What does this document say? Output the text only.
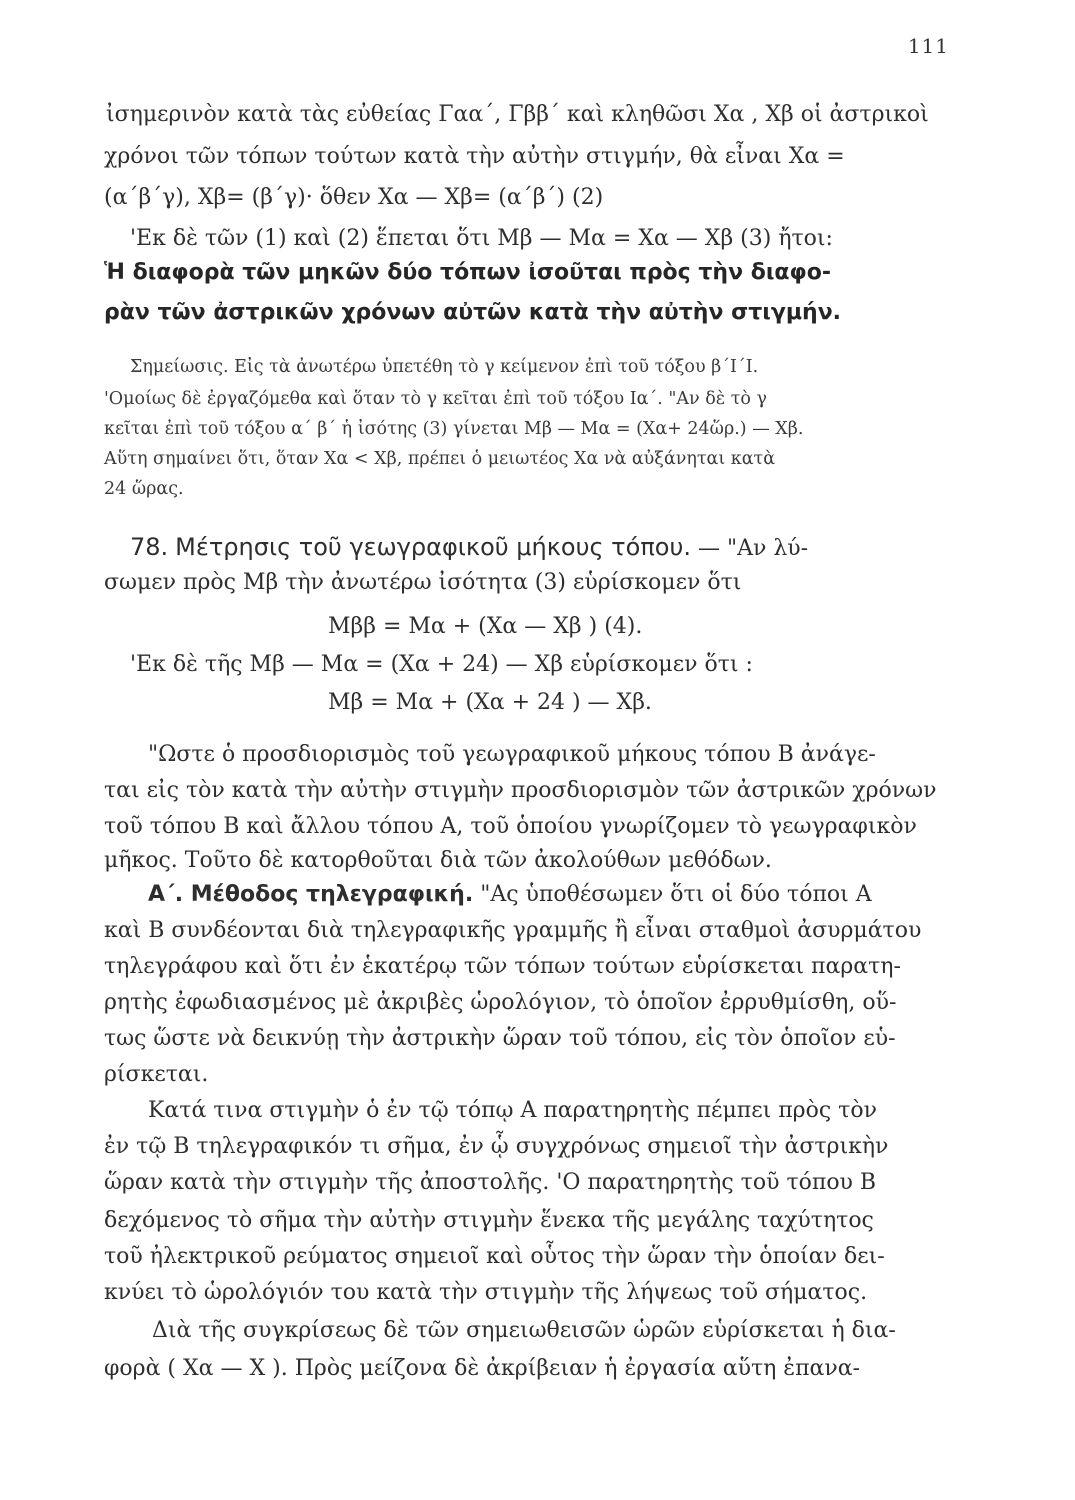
111
ἰσημερινὸν κατὰ τὰς εὐθείας Γαα΄, Γββ΄ καὶ κληθῶσι Xα , Xβ οἱ ἀστρικοὶ
χρόνοι τῶν τόπων τούτων κατὰ τὴν αὐτὴν στιγμήν, θὰ εἶναι Xα =
(α΄β΄γ), Xβ= (β΄γ)· ὅθεν Xα — Xβ= (α΄β΄) (2)
'Εκ δὲ τῶν (1) καὶ (2) ἕπεται ὅτι Mβ — Mα = Xα — Xβ (3) ἤτοι:
Ἡ διαφορὰ τῶν μηκῶν δύο τόπων ἰσοῦται πρὸς τὴν διαφο-
ρὰν τῶν ἀστρικῶν χρόνων αὐτῶν κατὰ τὴν αὐτὴν στιγμήν.
Σημείωσις. Εἰς τὰ ἀνωτέρω ὑπετέθη τὸ γ κείμενον ἐπὶ τοῦ τόξου β΄Ι΄Ι.
'Ομοίως δὲ ἐργαζόμεθα καὶ ὅταν τὸ γ κεῖται ἐπὶ τοῦ τόξου Ια΄. "Αν δὲ τὸ γ
κεῖται ἐπὶ τοῦ τόξου α΄ β΄ ἡ ἰσότης (3) γίνεται Mβ — Mα = (Xα+ 24ὥρ.) — Xβ.
Αὕτη σημαίνει ὅτι, ὅταν Xα < Xβ, πρέπει ὁ μειωτέος Xα νὰ αὐξάνηται κατὰ
24 ὥρας.
78. Μέτρησις τοῦ γεωγραφικοῦ μήκους τόπου. — "Αν λύ-
σωμεν πρὸς Mβ τὴν ἀνωτέρω ἰσότητα (3) εὑρίσκομεν ὅτι
Mββ = Mα + (Xα — Xβ ) (4).
'Εκ δὲ τῆς Mβ — Mα = (Xα + 24) — Xβ εὑρίσκομεν ὅτι :
Mβ = Mα + (Xα + 24 ) — Xβ.
"Ωστε ὁ προσδιορισμὸς τοῦ γεωγραφικοῦ μήκους τόπου B ἀνάγε-
ται εἰς τὸν κατὰ τὴν αὐτὴν στιγμὴν προσδιορισμὸν τῶν ἀστρικῶν χρόνων
τοῦ τόπου B καὶ ἄλλου τόπου A, τοῦ ὁποίου γνωρίζομεν τὸ γεωγραφικὸν
μῆκος. Τοῦτο δὲ κατορθοῦται διὰ τῶν ἀκολούθων μεθόδων.
Α΄. Μέθοδος τηλεγραφική. "Ας ὑποθέσωμεν ὅτι οἱ δύο τόποι A
καὶ B συνδέονται διὰ τηλεγραφικῆς γραμμῆς ἢ εἶναι σταθμοὶ ἀσυρμάτου
τηλεγράφου καὶ ὅτι ἐν ἑκατέρῳ τῶν τόπων τούτων εὑρίσκεται παρατη-
ρητὴς ἐφωδιασμένος μὲ ἀκριβὲς ὡρολόγιον, τὸ ὁποῖον ἐρρυθμίσθη, οὕ-
τως ὥστε νὰ δεικνύῃ τὴν ἀστρικὴν ὥραν τοῦ τόπου, εἰς τὸν ὁποῖον εὑ-
ρίσκεται.
Κατά τινα στιγμὴν ὁ ἐν τῷ τόπῳ A παρατηρητὴς πέμπει πρὸς τὸν
ἐν τῷ B τηλεγραφικόν τι σῆμα, ἐν ᾧ συγχρόνως σημειοῖ τὴν ἀστρικὴν
ὥραν κατὰ τὴν στιγμὴν τῆς ἀποστολῆς. 'Ο παρατηρητὴς τοῦ τόπου B
δεχόμενος τὸ σῆμα τὴν αὐτὴν στιγμὴν ἕνεκα τῆς μεγάλης ταχύτητος
τοῦ ἠλεκτρικοῦ ρεύματος σημειοῖ καὶ οὗτος τὴν ὥραν τὴν ὁποίαν δει-
κνύει τὸ ὡρολόγιόν του κατὰ τὴν στιγμὴν τῆς λήψεως τοῦ σήματος.
Διὰ τῆς συγκρίσεως δὲ τῶν σημειωθεισῶν ὡρῶν εὑρίσκεται ἡ δια-
φορὰ ( Xα — X ). Πρὸς μείζονα δὲ ἀκρίβειαν ἡ ἐργασία αὕτη ἐπανα-
